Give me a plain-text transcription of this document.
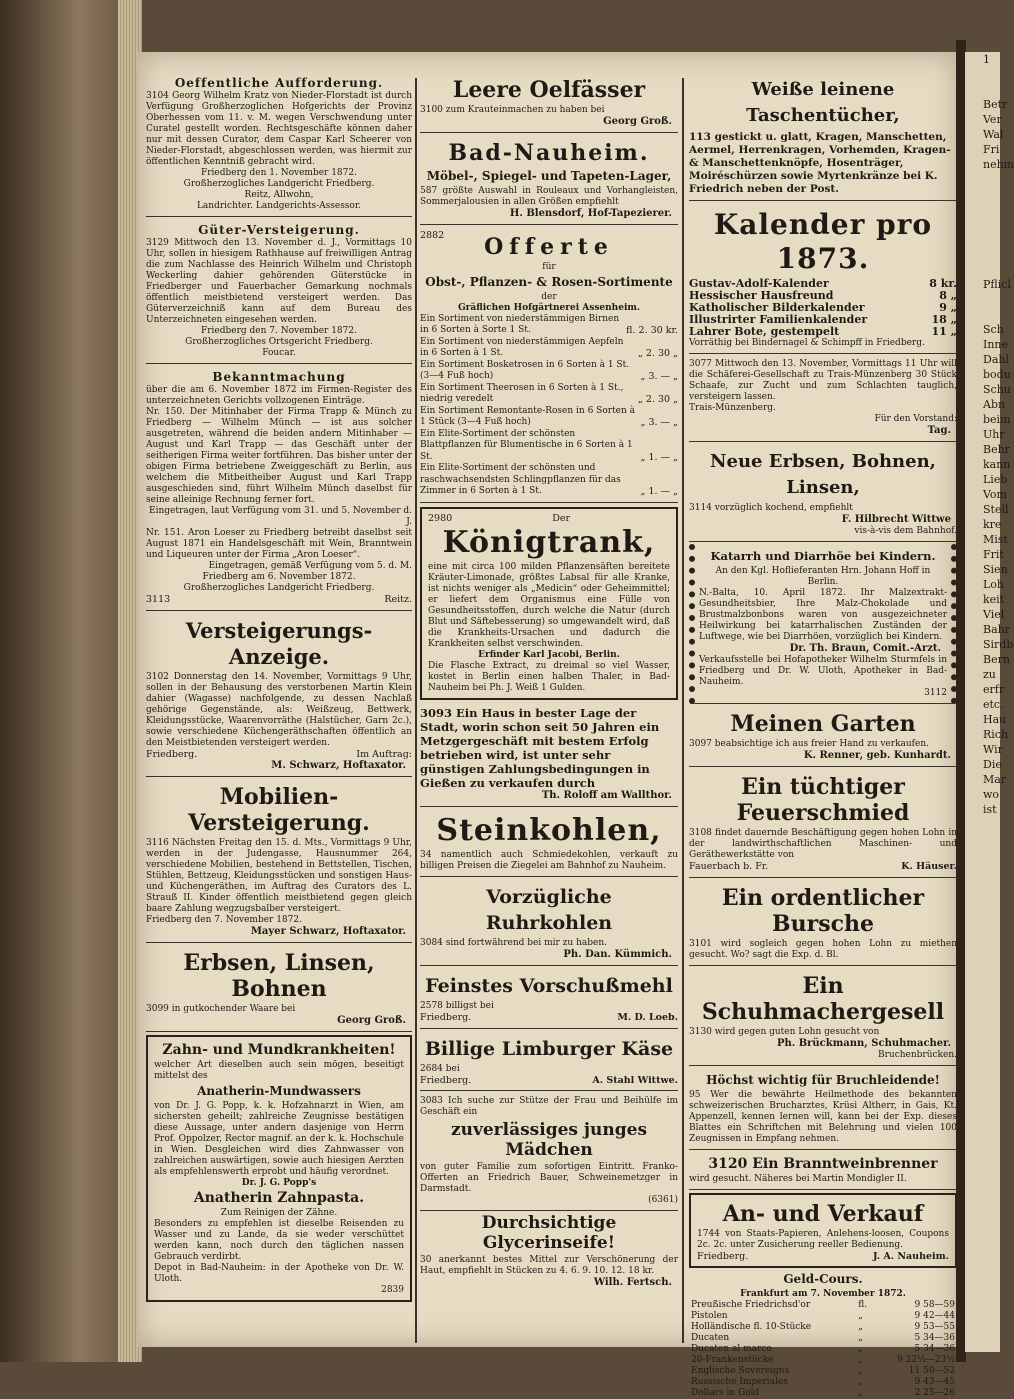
1

Betr
Ver
Wal
Fri
nehm

Pflicl

Sch
Inne
Dahl
bodu
Schu
Abn
beim
Uhr
Behr
kann
Lieb
Vom
Stell
kre
Mist
Frit
Sien
Loh
keit
Viel
Bahr
Sirdb
Bern
zu
erfr
etc.
Hau
Rich
Wir
Die
Mar
wo
ist
Oeffentliche Aufforderung.
3104 Georg Wilhelm Kratz von Nieder-Florstadt ist durch Verfügung Großherzoglichen Hofgerichts der Provinz Oberhessen vom 11. v. M. wegen Verschwendung unter Curatel gestellt worden. Rechtsgeschäfte können daher nur mit dessen Curator, dem Caspar Karl Scheerer von Nieder-Florstadt, abgeschlossen werden, was hiermit zur öffentlichen Kenntniß gebracht wird.
Friedberg den 1. November 1872.
Großherzogliches Landgericht Friedberg.
Reitz, Allwohn,
Landrichter. Landgerichts-Assessor.
Güter-Versteigerung.
3129 Mittwoch den 13. November d. J., Vormittags 10 Uhr, sollen in hiesigem Rathhause auf freiwilligen Antrag die zum Nachlasse des Heinrich Wilhelm und Christoph Weckerling dahier gehörenden Güterstücke in Friedberger und Fauerbacher Gemarkung nochmals öffentlich meistbietend versteigert werden. Das Güterverzeichniß kann auf dem Bureau des Unterzeichneten eingesehen werden.
Friedberg den 7. November 1872.
Großherzogliches Ortsgericht Friedberg.
Foucar.
Bekanntmachung
über die am 6. November 1872 im Firmen-Register des unterzeichneten Gerichts vollzogenen Einträge.
Nr. 150. Der Mitinhaber der Firma Trapp & Münch zu Friedberg — Wilhelm Münch — ist aus solcher ausgetreten, während die beiden andern Mitinhaber — August und Karl Trapp — das Geschäft unter der seitherigen Firma weiter fortführen. Das bisher unter der obigen Firma betriebene Zweiggeschäft zu Berlin, aus welchem die Mitbeitheiber August und Karl Trapp ausgeschieden sind, führt Wilhelm Münch daselbst für seine alleinige Rechnung ferner fort.
Eingetragen, laut Verfügung vom 31. und 5. November d. J.
Nr. 151. Aron Loeser zu Friedberg betreibt daselbst seit August 1871 ein Handelsgeschäft mit Wein, Branntwein und Liqueuren unter der Firma „Aron Loeser“.
Eingetragen, gemäß Verfügung vom 5. d. M.
Friedberg am 6. November 1872.
Großherzogliches Landgericht Friedberg.
3113	Reitz.
Versteigerungs-Anzeige.
3102 Donnerstag den 14. November, Vormittags 9 Uhr, sollen in der Behausung des verstorbenen Martin Klein dahier (Wagasse) nachfolgende, zu dessen Nachlaß gehörige Gegenstände, als: Weißzeug, Bettwerk, Kleidungsstücke, Waarenvorräthe (Halstücher, Garn 2c.), sowie verschiedene Küchengeräthschaften öffentlich an den Meistbietenden versteigert werden.
Friedberg.	Im Auftrag:
M. Schwarz, Hoftaxator.
Mobilien-Versteigerung.
3116 Nächsten Freitag den 15. d. Mts., Vormittags 9 Uhr, werden in der Judengasse, Hausnummer 264, verschiedene Mobilien, bestehend in Bettstellen, Tischen, Stühlen, Bettzeug, Kleidungsstücken und sonstigen Haus- und Küchengeräthen, im Auftrag des Curators des L. Strauß II. Kinder öffentlich meistbietend gegen gleich baare Zahlung wegzugsbalber versteigert.
Friedberg den 7. November 1872.
Mayer Schwarz, Hoftaxator.
Erbsen, Linsen, Bohnen
3099 in gutkochender Waare bei
Georg Groß.
Zahn- und Mundkrankheiten!
welcher Art dieselben auch sein mögen, beseitigt mittelst des
Anatherin-Mundwassers
von Dr. J. G. Popp, k. k. Hofzahnarzt in Wien, am sichersten geheilt; zahlreiche Zeugnisse bestätigen diese Aussage, unter andern dasjenige von Herrn Prof. Oppolzer, Rector magnif. an der k. k. Hochschule in Wien. Desgleichen wird dies Zahnwasser von zahlreichen auswärtigen, sowie auch hiesigen Aerzten als empfehlenswerth erprobt und häufig verordnet.
Dr. J. G. Popp's
Anatherin Zahnpasta.
Zum Reinigen der Zähne.
Besonders zu empfehlen ist dieselbe Reisenden zu Wasser und zu Lande, da sie weder verschüttet werden kann, noch durch den täglichen nassen Gebrauch verdirbt.
Depot in Bad-Nauheim: in der Apotheke von Dr. W. Uloth.
2839
Leere Oelfässer
3100 zum Krauteinmachen zu haben bei
Georg Groß.
Bad-Nauheim.
Möbel-, Spiegel- und Tapeten-Lager,
587 größte Auswahl in Rouleaux und Vorhangleisten, Sommerjalousien in allen Größen empfiehlt
H. Blensdorf, Hof-Tapezierer.
2882	Offerte
für
Obst-, Pflanzen- & Rosen-Sortimente
der
Gräflichen Hofgärtnerei Assenheim.
Ein Sortiment von niederstämmigen Birnen in 6 Sorten à Sorte 1 St.	fl. 2. 30 kr.
Ein Sortiment von niederstämmigen Aepfeln in 6 Sorten à 1 St.	„ 2. 30 „
Ein Sortiment Bosketrosen in 6 Sorten à 1 St. (3—4 Fuß hoch)	„ 3. — „
Ein Sortiment Theerosen in 6 Sorten à 1 St., niedrig veredelt	„ 2. 30 „
Ein Sortiment Remontante-Rosen in 6 Sorten à 1 Stück (3—4 Fuß hoch)	„ 3. — „
Ein Elite-Sortiment der schönsten Blattpflanzen für Blumentische in 6 Sorten à 1 St.	„ 1. — „
Ein Elite-Sortiment der schönsten und raschwachsendsten Schlingpflanzen für das Zimmer in 6 Sorten à 1 St.	„ 1. — „
2980	Der
Königtrank,
eine mit circa 100 milden Pflanzensäften bereitete Kräuter-Limonade, größtes Labsal für alle Kranke, ist nichts weniger als „Medicin“ oder Geheimmittel; er liefert dem Organismus eine Fülle von Gesundheitsstoffen, durch welche die Natur (durch Blut und Säftebesserung) so umgewandelt wird, daß die Krankheits-Ursachen und dadurch die Krankheiten selbst verschwinden.
Erfinder Karl Jacobi, Berlin.
Die Flasche Extract, zu dreimal so viel Wasser, kostet in Berlin einen halben Thaler, in Bad-Nauheim bei Ph. J. Weiß 1 Gulden.
3093 Ein Haus in bester Lage der Stadt, worin schon seit 50 Jahren ein Metzgergeschäft mit bestem Erfolg betrieben wird, ist unter sehr günstigen Zahlungsbedingungen in Gießen zu verkaufen durch
Th. Roloff am Wallthor.
Steinkohlen,
34 namentlich auch Schmiedekohlen, verkauft zu billigen Preisen die Ziegelei am Bahnhof zu Nauheim.
Vorzügliche Ruhrkohlen
3084 sind fortwährend bei mir zu haben.
Ph. Dan. Kümmich.
Feinstes Vorschußmehl
2578 billigst bei
Friedberg.	M. D. Loeb.
Billige Limburger Käse
2684 bei
Friedberg.	A. Stahl Wittwe.
3083 Ich suche zur Stütze der Frau und Beihülfe im Geschäft ein
zuverlässiges junges Mädchen
von guter Familie zum sofortigen Eintritt. Franko-Offerten an Friedrich Bauer, Schweinemetzger in Darmstadt.
(6361)
Durchsichtige Glycerinseife!
30 anerkannt bestes Mittel zur Verschönerung der Haut, empfiehlt in Stücken zu 4. 6. 9. 10. 12. 18 kr.
Wilh. Fertsch.
Weiße leinene Taschentücher,
113 gestickt u. glatt, Kragen, Manschetten, Aermel, Herrenkragen, Vorhemden, Kragen- & Manschettenknöpfe, Hosenträger, Moiréschürzen sowie Myrtenkränze bei K. Friedrich neben der Post.
Kalender pro 1873.
Gustav-Adolf-Kalender	8 kr.
Hessischer Hausfreund	8 „
Katholischer Bilderkalender	9 „
Illustrirter Familienkalender	18 „
Lahrer Bote, gestempelt	11 „
Vorräthig bei Bindernagel & Schimpff in Friedberg.
3077 Mittwoch den 13. November, Vormittags 11 Uhr will die Schäferei-Gesellschaft zu Trais-Münzenberg 30 Stück Schaafe, zur Zucht und zum Schlachten tauglich, versteigern lassen.
Trais-Münzenberg.
Für den Vorstand:
Tag.
Neue Erbsen, Bohnen, Linsen,
3114 vorzüglich kochend, empfiehlt
F. Hilbrecht Wittwe
vis-à-vis dem Bahnhof.
Katarrh und Diarrhöe bei Kindern.
An den Kgl. Hoflieferanten Hrn. Johann Hoff in Berlin.
N.-Balta, 10. April 1872. Ihr Malzextrakt-Gesundheitsbier, Ihre Malz-Chokolade und Brustmalzbonbons waren von ausgezeichneter Heilwirkung bei katarrhalischen Zuständen der Luftwege, wie bei Diarrhöen, vorzüglich bei Kindern.
Dr. Th. Braun, Comit.-Arzt.
Verkaufsstelle bei Hofapotheker Wilhelm Sturmfels in Friedberg und Dr. W. Uloth, Apotheker in Bad-Nauheim.
3112
Meinen Garten
3097 beabsichtige ich aus freier Hand zu verkaufen.
K. Renner, geb. Kunhardt.
Ein tüchtiger Feuerschmied
3108 findet dauernde Beschäftigung gegen hohen Lohn in der landwirthschaftlichen Maschinen- und Geräthewerkstätte von
Fauerbach b. Fr.	K. Häuser.
Ein ordentlicher Bursche
3101 wird sogleich gegen hohen Lohn zu miethen gesucht. Wo? sagt die Exp. d. Bl.
Ein Schuhmachergesell
3130 wird gegen guten Lohn gesucht von
Ph. Brückmann, Schuhmacher.
Bruchenbrücken.
Höchst wichtig für Bruchleidende!
95 Wer die bewährte Heilmethode des bekannten schweizerischen Brucharztes, Krüsi Altherr, in Gais, Kt. Appenzell, kennen lernen will, kann bei der Exp. dieses Blattes ein Schriftchen mit Belehrung und vielen 100 Zeugnissen in Empfang nehmen.
3120 Ein Branntweinbrenner
wird gesucht. Näheres bei Martin Mondigler II.
An- und Verkauf
1744 von Staats-Papieren, Anlehens-loosen, Coupons 2c. 2c. unter Zusicherung reeller Bedienung.
Friedberg.	J. A. Nauheim.
Geld-Cours.
Frankfurt am 7. November 1872.
Preußische Friedrichsd'or	fl.	9 58—59
Pistolen	„	9 42—44
Holländische fl. 10-Stücke	„	9 53—55
Ducaten	„	5 34—36
Ducaten al marco	„	5 34—36
20-Frankenstücke	„	9 22½—23½
Englische Sovereigns	„	11 50—52
Russische Imperiales	„	9 43—45
Dollars in Gold	„	2 25—26
